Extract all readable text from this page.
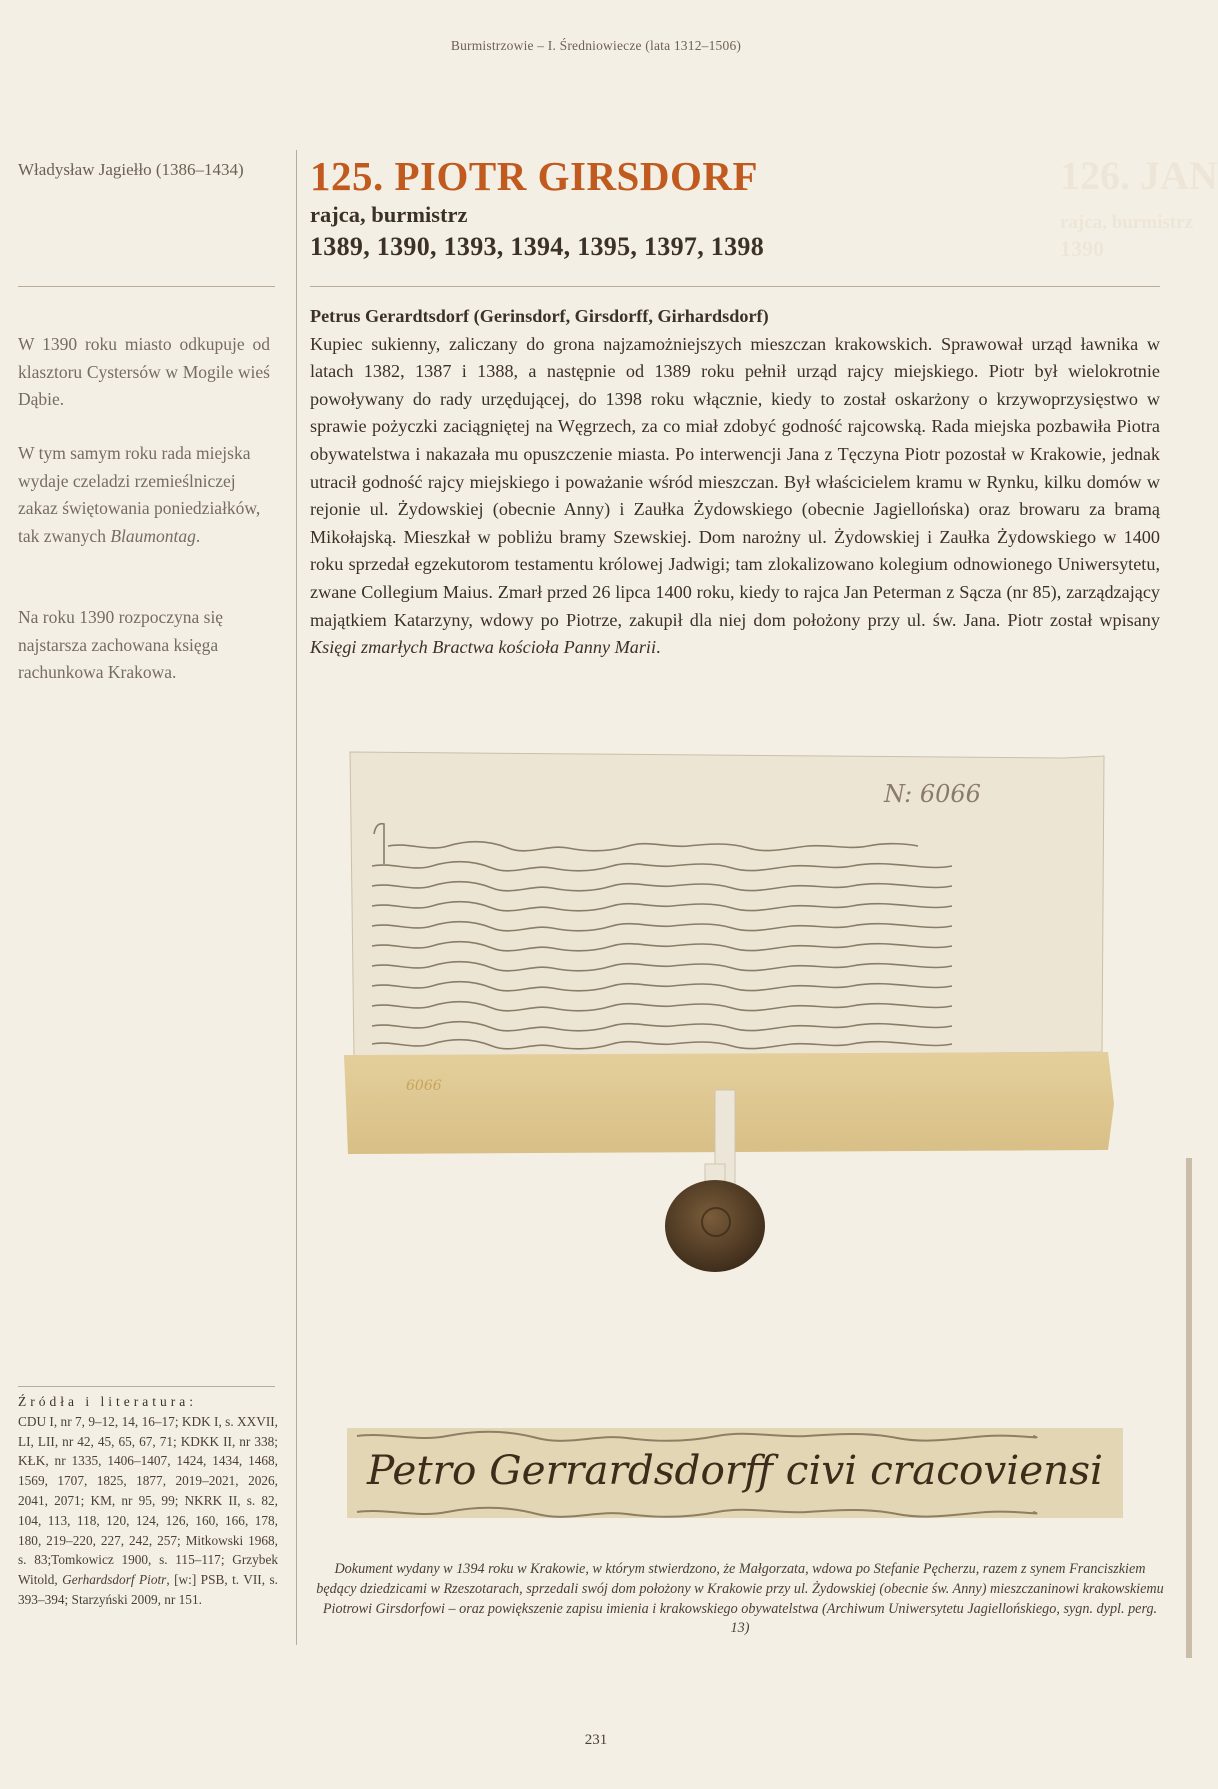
Burmistrzowie – I. Średniowiecze (lata 1312–1506)
126. JAN
rajca, burmistrz
1390
Władysław Jagiełło (1386–1434)

W 1390 roku miasto odkupuje od klasztoru Cystersów w Mogile wieś Dąbie.

W tym samym roku rada miejska wydaje czeladzi rzemieślniczej zakaz świętowania poniedziałków, tak zwanych Blaumontag.

Na roku 1390 rozpoczyna się najstarsza zachowana księga rachunkowa Krakowa.

Źródła i literatura:
CDU I, nr 7, 9–12, 14, 16–17; KDK I, s. XXVII, LI, LII, nr 42, 45, 65, 67, 71; KDKK II, nr 338; KŁK, nr 1335, 1406–1407, 1424, 1434, 1468, 1569, 1707, 1825, 1877, 2019–2021, 2026, 2041, 2071; KM, nr 95, 99; NKRK II, s. 82, 104, 113, 118, 120, 124, 126, 160, 166, 178, 180, 219–220, 227, 242, 257; Mitkowski 1968, s. 83;Tomkowicz 1900, s. 115–117; Grzybek Witold, Gerhardsdorf Piotr, [w:] PSB, t. VII, s. 393–394; Starzyński 2009, nr 151.
125. PIOTR GIRSDORF
rajca, burmistrz
1389, 1390, 1393, 1394, 1395, 1397, 1398
Petrus Gerardtsdorf (Gerinsdorf, Girsdorff, Girhardsdorf)
Kupiec sukienny, zaliczany do grona najzamożniejszych mieszczan krakowskich. Sprawował urząd ławnika w latach 1382, 1387 i 1388, a następnie od 1389 roku pełnił urząd rajcy miejskiego. Piotr był wielokrotnie powoływany do rady urzędującej, do 1398 roku włącznie, kiedy to został oskarżony o krzywoprzysięstwo w sprawie pożyczki zaciągniętej na Węgrzech, za co miał zdobyć godność rajcowską. Rada miejska pozbawiła Piotra obywatelstwa i nakazała mu opuszczenie miasta. Po interwencji Jana z Tęczyna Piotr pozostał w Krakowie, jednak utracił godność rajcy miejskiego i poważanie wśród mieszczan. Był właścicielem kramu w Rynku, kilku domów w rejonie ul. Żydowskiej (obecnie Anny) i Zaułka Żydowskiego (obecnie Jagiellońska) oraz browaru za bramą Mikołajską. Mieszkał w pobliżu bramy Szewskiej. Dom narożny ul. Żydowskiej i Zaułka Żydowskiego w 1400 roku sprzedał egzekutorom testamentu królowej Jadwigi; tam zlokalizowano kolegium odnowionego Uniwersytetu, zwane Collegium Maius. Zmarł przed 26 lipca 1400 roku, kiedy to rajca Jan Peterman z Sącza (nr 85), zarządzający majątkiem Katarzyny, wdowy po Piotrze, zakupił dla niej dom położony przy ul. św. Jana. Piotr został wpisany Księgi zmarłych Bractwa kościoła Panny Marii.
N: 6066
6066
Petro Gerrardsdorff civi cracoviensi
Dokument wydany w 1394 roku w Krakowie, w którym stwierdzono, że Małgorzata, wdowa po Stefanie Pęcherzu, razem z synem Franciszkiem będący dziedzicami w Rzeszotarach, sprzedali swój dom położony w Krakowie przy ul. Żydowskiej (obecnie św. Anny) mieszczaninowi krakowskiemu Piotrowi Girsdorfowi – oraz powiększenie zapisu imienia i krakowskiego obywatelstwa (Archiwum Uniwersytetu Jagiellońskiego, sygn. dypl. perg. 13)
231
